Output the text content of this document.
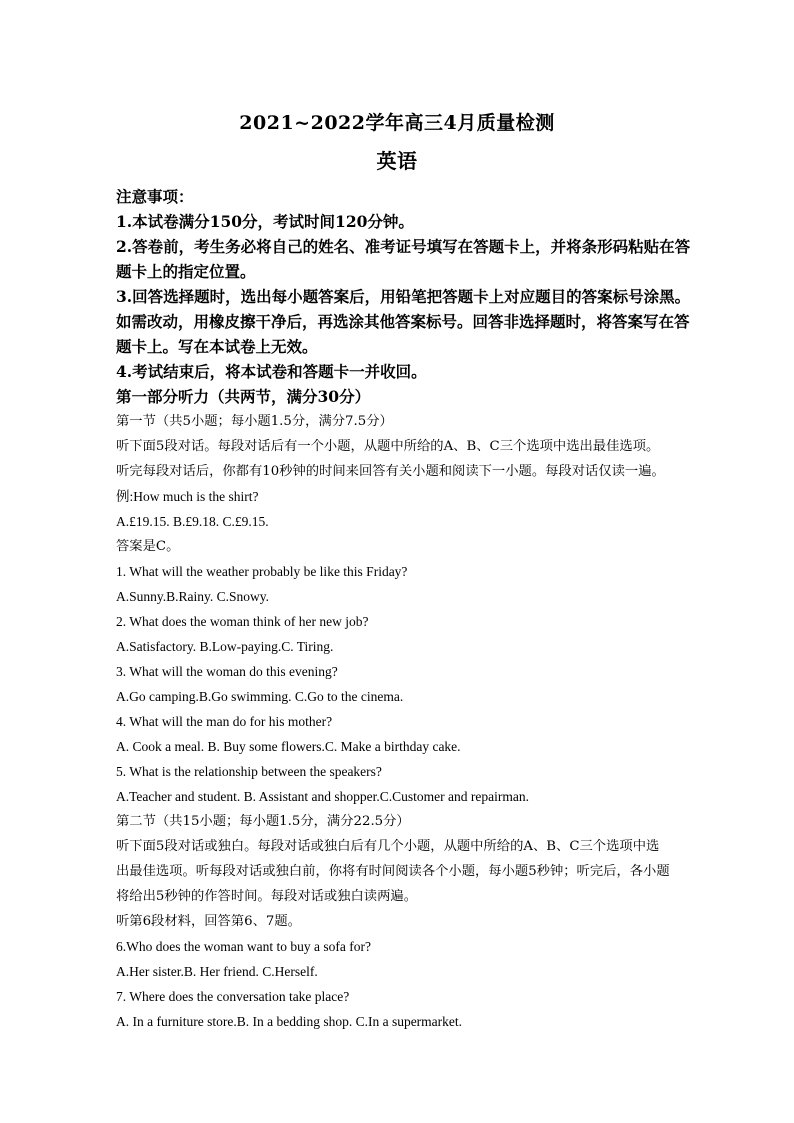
2021~2022学年高三4月质量检测
英语

注意事项：

1.本试卷满分150分，考试时间120分钟。

2.答卷前，考生务必将自己的姓名、准考证号填写在答题卡上，并将条形码粘贴在答

题卡上的指定位置。

3.回答选择题时，选出每小题答案后，用铅笔把答题卡上对应题目的答案标号涂黑。

如需改动，用橡皮擦干净后，再选涂其他答案标号。回答非选择题时，将答案写在答

题卡上。写在本试卷上无效。

4.考试结束后，将本试卷和答题卡一并收回。

第一部分听力（共两节，满分30分）

第一节（共5小题；每小题1.5分，满分7.5分）

听下面5段对话。每段对话后有一个小题，从题中所给的A、B、C三个选项中选出最佳选项。

听完每段对话后，你都有10秒钟的时间来回答有关小题和阅读下一小题。每段对话仅读一遍。

例:How much is the shirt?

A.£19.15. B.£9.18. C.£9.15.

答案是C。

1. What will the weather probably be like this Friday?

A.Sunny.B.Rainy. C.Snowy.

2. What does the woman think of her new job?

A.Satisfactory. B.Low-paying.C. Tiring.

3. What will the woman do this evening?

A.Go camping.B.Go swimming. C.Go to the cinema.

4. What will the man do for his mother?

A. Cook a meal. B. Buy some flowers.C. Make a birthday cake.

5. What is the relationship between the speakers?

A.Teacher and student. B. Assistant and shopper.C.Customer and repairman.

第二节（共15小题；每小题1.5分，满分22.5分）

听下面5段对话或独白。每段对话或独白后有几个小题，从题中所给的A、B、C三个选项中选

出最佳选项。听每段对话或独白前，你将有时间阅读各个小题，每小题5秒钟；听完后，各小题

将给出5秒钟的作答时间。每段对话或独白读两遍。

听第6段材料，回答第6、7题。

6.Who does the woman want to buy a sofa for?

A.Her sister.B. Her friend. C.Herself.

7. Where does the conversation take place?

A. In a furniture store.B. In a bedding shop. C.In a supermarket.
